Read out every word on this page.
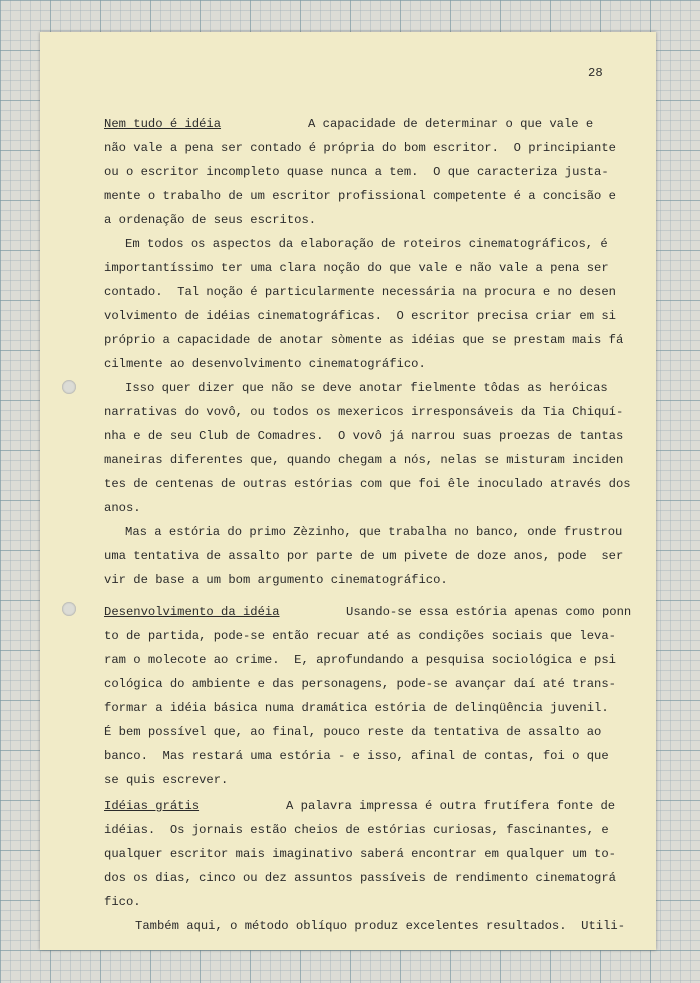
28
Nem tudo é idéia	A capacidade de determinar o que vale e
não vale a pena ser contado é própria do bom escritor.  O principiante
ou o escritor incompleto quase nunca a tem.  O que caracteriza justa-
mente o trabalho de um escritor profissional competente é a concisão e
a ordenação de seus escritos.
Em todos os aspectos da elaboração de roteiros cinematográficos, é
importantíssimo ter uma clara noção do que vale e não vale a pena ser
contado.  Tal noção é particularmente necessária na procura e no desen
volvimento de idéias cinematográficas.  O escritor precisa criar em si
próprio a capacidade de anotar sòmente as idéias que se prestam mais fá
cilmente ao desenvolvimento cinematográfico.
Isso quer dizer que não se deve anotar fielmente tôdas as heróicas
narrativas do vovô, ou todos os mexericos irresponsáveis da Tia Chiquí-
nha e de seu Club de Comadres.  O vovô já narrou suas proezas de tantas
maneiras diferentes que, quando chegam a nós, nelas se misturam inciden
tes de centenas de outras estórias com que foi êle inoculado através dos
anos.
Mas a estória do primo Zèzinho, que trabalha no banco, onde frustrou
uma tentativa de assalto por parte de um pivete de doze anos, pode  ser
vir de base a um bom argumento cinematográfico.
Desenvolvimento da idéia	Usando-se essa estória apenas como ponn
to de partida, pode-se então recuar até as condições sociais que leva-
ram o molecote ao crime.  E, aprofundando a pesquisa sociológica e psi
cológica do ambiente e das personagens, pode-se avançar daí até trans-
formar a idéia básica numa dramática estória de delinqüência juvenil.
É bem possível que, ao final, pouco reste da tentativa de assalto ao
banco.  Mas restará uma estória - e isso, afinal de contas, foi o que
se quis escrever.
Idéias grátis	A palavra impressa é outra frutífera fonte de
idéias.  Os jornais estão cheios de estórias curiosas, fascinantes, e
qualquer escritor mais imaginativo saberá encontrar em qualquer um to-
dos os dias, cinco ou dez assuntos passíveis de rendimento cinematográ
fico.
Também aqui, o método oblíquo produz excelentes resultados.  Utili-
